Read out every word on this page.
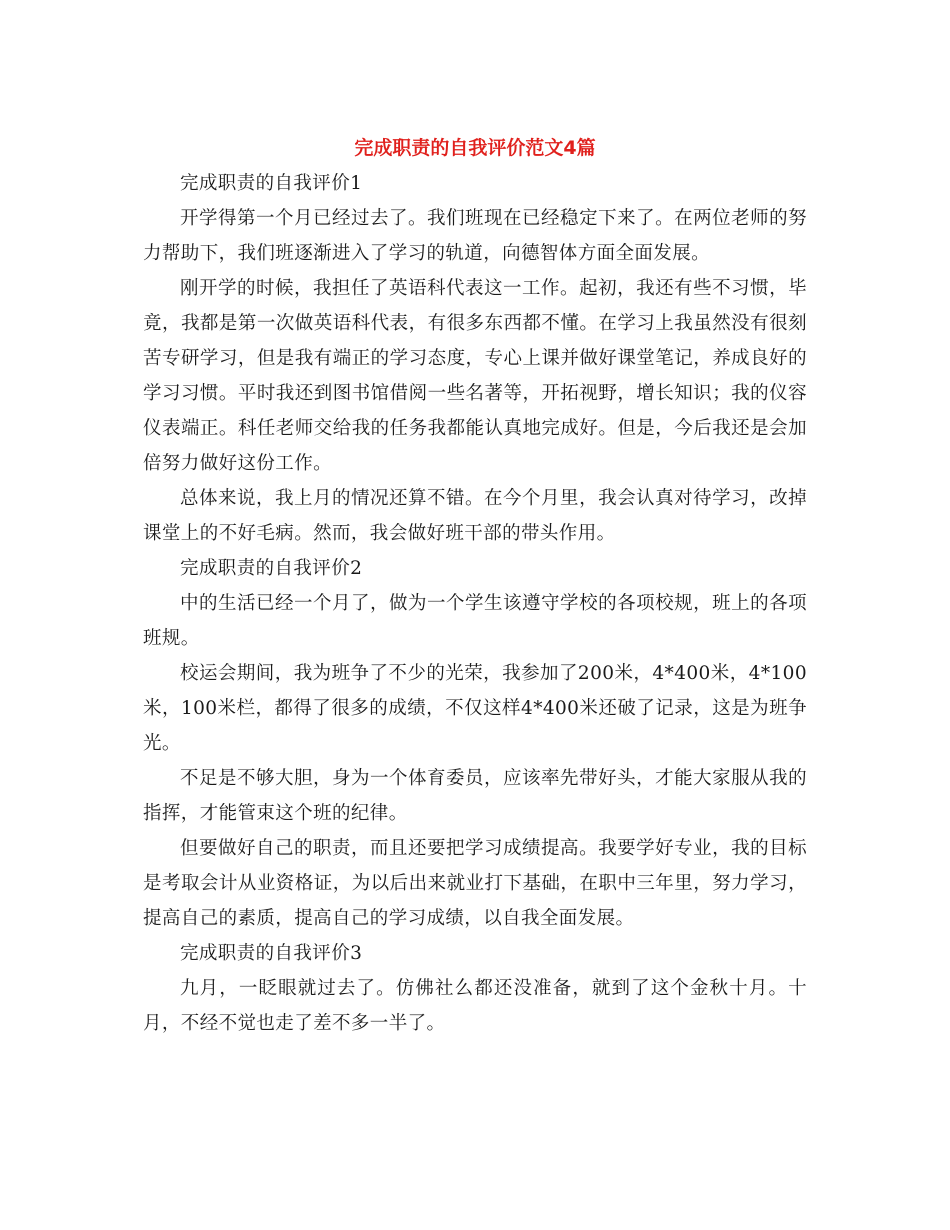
完成职责的自我评价范文4篇

完成职责的自我评价1

开学得第一个月已经过去了。我们班现在已经稳定下来了。在两位老师的努力帮助下，我们班逐渐进入了学习的轨道，向德智体方面全面发展。

刚开学的时候，我担任了英语科代表这一工作。起初，我还有些不习惯，毕竟，我都是第一次做英语科代表，有很多东西都不懂。在学习上我虽然没有很刻苦专研学习，但是我有端正的学习态度，专心上课并做好课堂笔记，养成良好的学习习惯。平时我还到图书馆借阅一些名著等，开拓视野，增长知识；我的仪容仪表端正。科任老师交给我的任务我都能认真地完成好。但是，今后我还是会加倍努力做好这份工作。

总体来说，我上月的情况还算不错。在今个月里，我会认真对待学习，改掉课堂上的不好毛病。然而，我会做好班干部的带头作用。

完成职责的自我评价2

中的生活已经一个月了，做为一个学生该遵守学校的各项校规，班上的各项班规。

校运会期间，我为班争了不少的光荣，我参加了200米，4*400米，4*100米，100米栏，都得了很多的成绩，不仅这样4*400米还破了记录，这是为班争光。

不足是不够大胆，身为一个体育委员，应该率先带好头，才能大家服从我的指挥，才能管束这个班的纪律。

但要做好自己的职责，而且还要把学习成绩提高。我要学好专业，我的目标是考取会计从业资格证，为以后出来就业打下基础，在职中三年里，努力学习，提高自己的素质，提高自己的学习成绩，以自我全面发展。

完成职责的自我评价3

九月，一眨眼就过去了。仿佛社么都还没准备，就到了这个金秋十月。十月，不经不觉也走了差不多一半了。
